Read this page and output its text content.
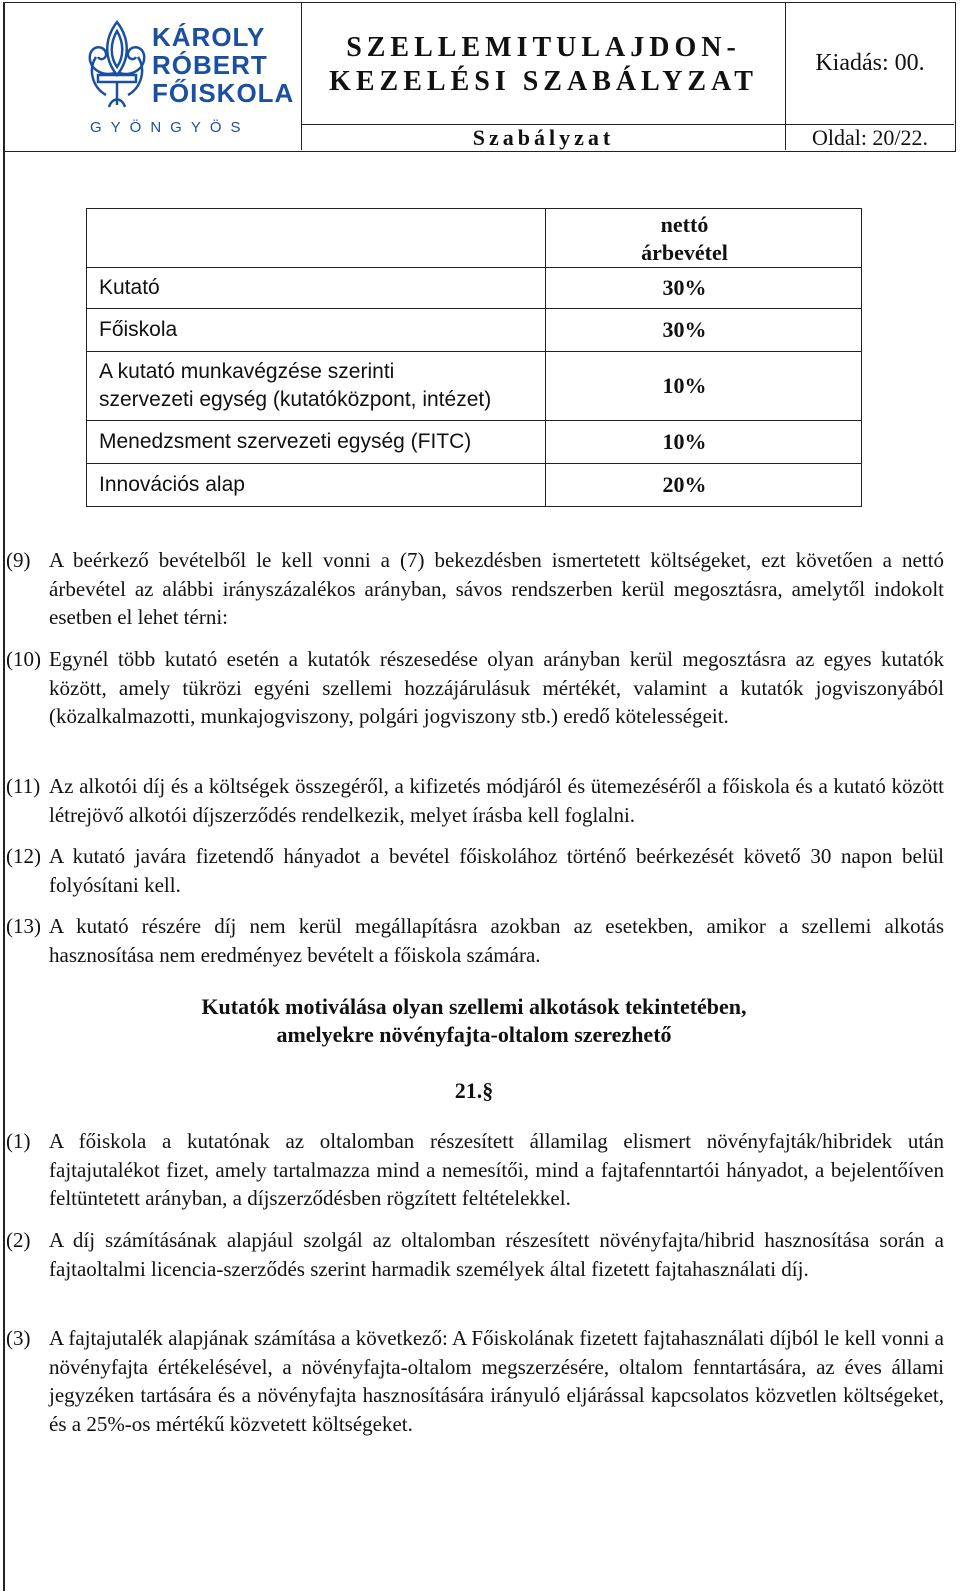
KÁROLY
RÓBERT
FŐISKOLA
GYÖNGYÖS
SZELLEMITULAJDON-
KEZELÉSI SZABÁLYZAT
Kiadás: 00.
Szabályzat	Oldal: 20/22.

	nettó
árbevétel

Kutató	30%
Főiskola	30%

A kutató munkavégzése szerinti
szervezeti egység (kutatóközpont, intézet)	10%
Menedzsment szervezeti egység (FITC)	10%
Innovációs alap	20%
(9) A beérkező bevételből le kell vonni a (7) bekezdésben ismertetett költségeket, ezt követően a nettó árbevétel az alábbi irányszázalékos arányban, sávos rendszerben kerül megosztásra, amelytől indokolt esetben el lehet térni:
(10) Egynél több kutató esetén a kutatók részesedése olyan arányban kerül megosztásra az egyes kutatók között, amely tükrözi egyéni szellemi hozzájárulásuk mértékét, valamint a kutatók jogviszonyából (közalkalmazotti, munkajogviszony, polgári jogviszony stb.) eredő kötelességeit.
(11) Az alkotói díj és a költségek összegéről, a kifizetés módjáról és ütemezéséről a főiskola és a kutató között létrejövő alkotói díjszerződés rendelkezik, melyet írásba kell foglalni.
(12) A kutató javára fizetendő hányadot a bevétel főiskolához történő beérkezését követő 30 napon belül folyósítani kell.
(13) A kutató részére díj nem kerül megállapításra azokban az esetekben, amikor a szellemi alkotás hasznosítása nem eredményez bevételt a főiskola számára.
Kutatók motiválása olyan szellemi alkotások tekintetében,
amelyekre növényfajta-oltalom szerezhető
21.§
(1) A főiskola a kutatónak az oltalomban részesített államilag elismert növényfajták/hibridek után fajtajutalékot fizet, amely tartalmazza mind a nemesítői, mind a fajtafenntartói hányadot, a bejelentőíven feltüntetett arányban, a díjszerződésben rögzített feltételekkel.
(2) A díj számításának alapjául szolgál az oltalomban részesített növényfajta/hibrid hasznosítása során a fajtaoltalmi licencia-szerződés szerint harmadik személyek által fizetett fajtahasználati díj.
(3) A fajtajutalék alapjának számítása a következő: A Főiskolának fizetett fajtahasználati díjból le kell vonni a növényfajta értékelésével, a növényfajta-oltalom megszerzésére, oltalom fenntartására, az éves állami jegyzéken tartására és a növényfajta hasznosítására irányuló eljárással kapcsolatos közvetlen költségeket, és a 25%-os mértékű közvetett költségeket.
